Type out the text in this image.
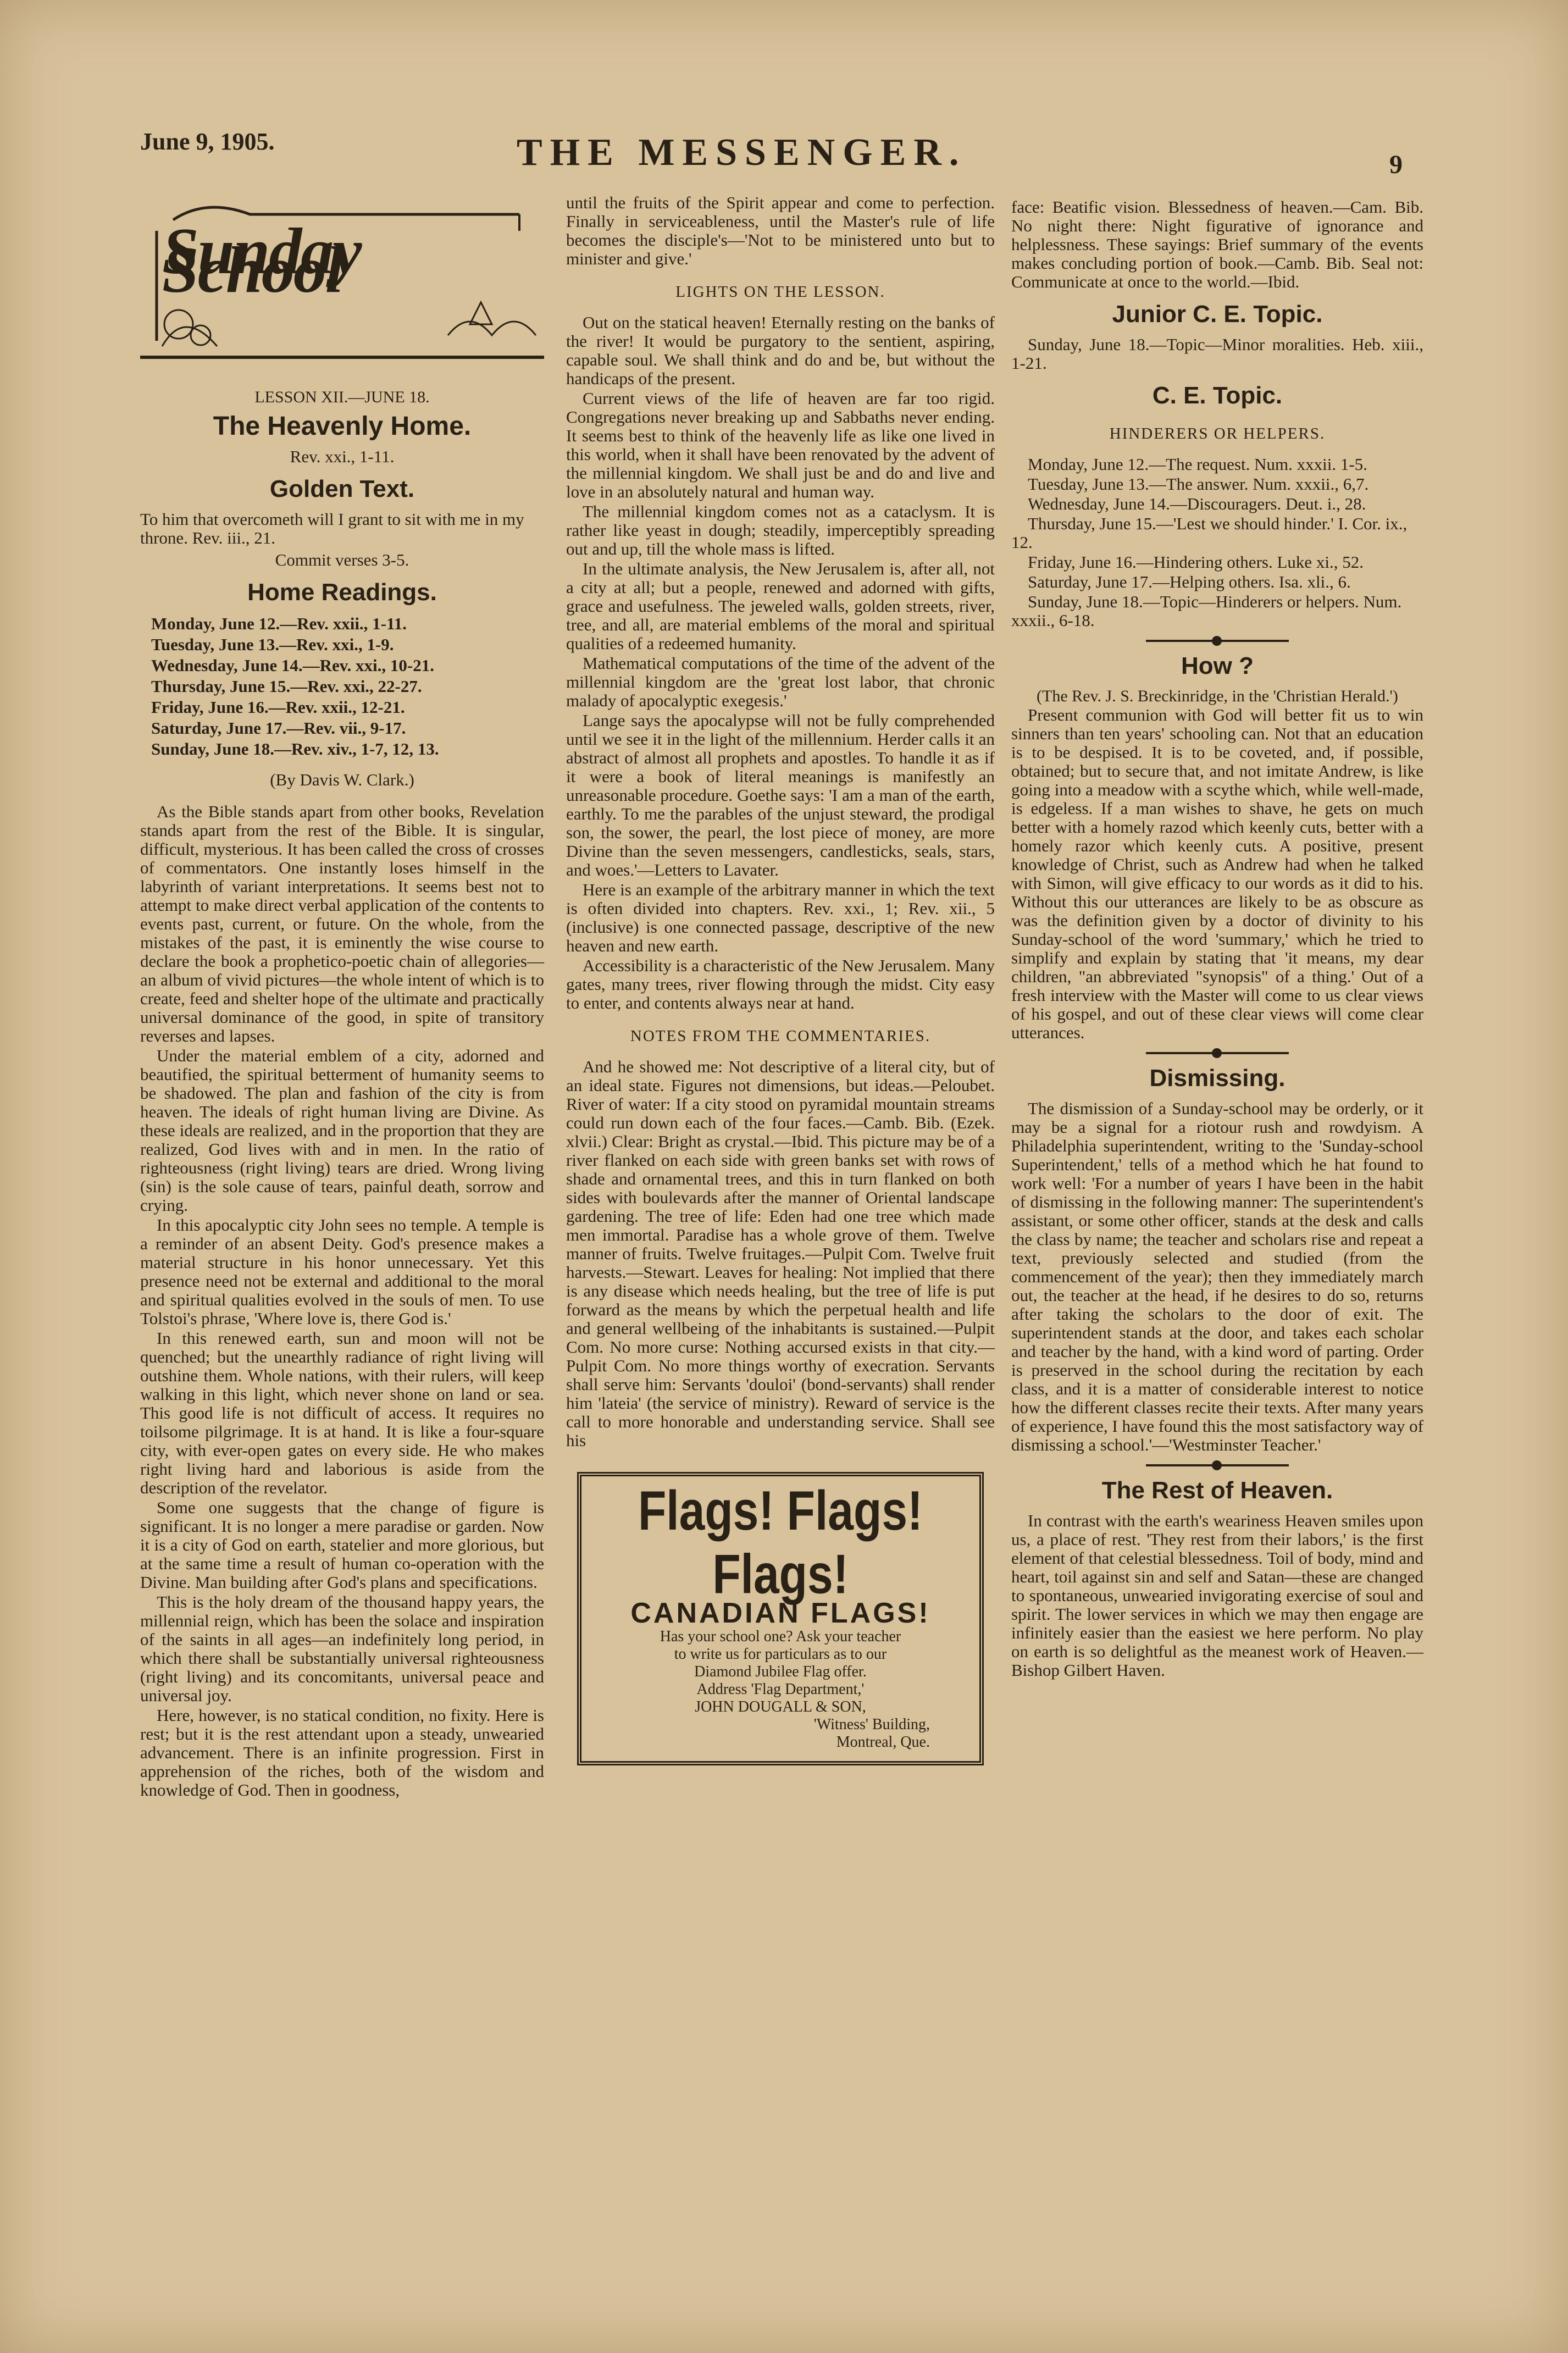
June 9, 1905.	THE MESSENGER.	9
Sunday School
LESSON XII.—JUNE 18.
The Heavenly Home.
Rev. xxi., 1-11.
Golden Text.

To him that overcometh will I grant to sit with me in my throne. Rev. iii., 21.

Commit verses 3-5.
Home Readings.
Monday, June 12.—Rev. xxii., 1-11.
Tuesday, June 13.—Rev. xxi., 1-9.
Wednesday, June 14.—Rev. xxi., 10-21.
Thursday, June 15.—Rev. xxi., 22-27.
Friday, June 16.—Rev. xxii., 12-21.
Saturday, June 17.—Rev. vii., 9-17.
Sunday, June 18.—Rev. xiv., 1-7, 12, 13.
(By Davis W. Clark.)

As the Bible stands apart from other books, Revelation stands apart from the rest of the Bible. It is singular, difficult, mysterious. It has been called the cross of crosses of commentators. One instantly loses himself in the labyrinth of variant interpretations. It seems best not to attempt to make direct verbal application of the contents to events past, current, or future. On the whole, from the mistakes of the past, it is eminently the wise course to declare the book a prophetico-poetic chain of allegories—an album of vivid pictures—the whole intent of which is to create, feed and shelter hope of the ultimate and practically universal dominance of the good, in spite of transitory reverses and lapses.

Under the material emblem of a city, adorned and beautified, the spiritual betterment of humanity seems to be shadowed. The plan and fashion of the city is from heaven. The ideals of right human living are Divine. As these ideals are realized, and in the proportion that they are realized, God lives with and in men. In the ratio of righteousness (right living) tears are dried. Wrong living (sin) is the sole cause of tears, painful death, sorrow and crying.

In this apocalyptic city John sees no temple. A temple is a reminder of an absent Deity. God's presence makes a material structure in his honor unnecessary. Yet this presence need not be external and additional to the moral and spiritual qualities evolved in the souls of men. To use Tolstoi's phrase, 'Where love is, there God is.'

In this renewed earth, sun and moon will not be quenched; but the unearthly radiance of right living will outshine them. Whole nations, with their rulers, will keep walking in this light, which never shone on land or sea. This good life is not difficult of access. It requires no toilsome pilgrimage. It is at hand. It is like a four-square city, with ever-open gates on every side. He who makes right living hard and laborious is aside from the description of the revelator.

Some one suggests that the change of figure is significant. It is no longer a mere paradise or garden. Now it is a city of God on earth, statelier and more glorious, but at the same time a result of human co-operation with the Divine. Man building after God's plans and specifications.

This is the holy dream of the thousand happy years, the millennial reign, which has been the solace and inspiration of the saints in all ages—an indefinitely long period, in which there shall be substantially universal righteousness (right living) and its concomitants, universal peace and universal joy.

Here, however, is no statical condition, no fixity. Here is rest; but it is the rest attendant upon a steady, unwearied advancement. There is an infinite progression. First in apprehension of the riches, both of the wisdom and knowledge of God. Then in goodness,

until the fruits of the Spirit appear and come to perfection. Finally in serviceableness, until the Master's rule of life becomes the disciple's—'Not to be ministered unto but to minister and give.'

LIGHTS ON THE LESSON.

Out on the statical heaven! Eternally resting on the banks of the river! It would be purgatory to the sentient, aspiring, capable soul. We shall think and do and be, but without the handicaps of the present.

Current views of the life of heaven are far too rigid. Congregations never breaking up and Sabbaths never ending. It seems best to think of the heavenly life as like one lived in this world, when it shall have been renovated by the advent of the millennial kingdom. We shall just be and do and live and love in an absolutely natural and human way.

The millennial kingdom comes not as a cataclysm. It is rather like yeast in dough; steadily, imperceptibly spreading out and up, till the whole mass is lifted.

In the ultimate analysis, the New Jerusalem is, after all, not a city at all; but a people, renewed and adorned with gifts, grace and usefulness. The jeweled walls, golden streets, river, tree, and all, are material emblems of the moral and spiritual qualities of a redeemed humanity.

Mathematical computations of the time of the advent of the millennial kingdom are the 'great lost labor, that chronic malady of apocalyptic exegesis.'

Lange says the apocalypse will not be fully comprehended until we see it in the light of the millennium. Herder calls it an abstract of almost all prophets and apostles. To handle it as if it were a book of literal meanings is manifestly an unreasonable procedure. Goethe says: 'I am a man of the earth, earthly. To me the parables of the unjust steward, the prodigal son, the sower, the pearl, the lost piece of money, are more Divine than the seven messengers, candlesticks, seals, stars, and woes.'—Letters to Lavater.

Here is an example of the arbitrary manner in which the text is often divided into chapters. Rev. xxi., 1; Rev. xii., 5 (inclusive) is one connected passage, descriptive of the new heaven and new earth.

Accessibility is a characteristic of the New Jerusalem. Many gates, many trees, river flowing through the midst. City easy to enter, and contents always near at hand.

NOTES FROM THE COMMENTARIES.

And he showed me: Not descriptive of a literal city, but of an ideal state. Figures not dimensions, but ideas.—Peloubet. River of water: If a city stood on pyramidal mountain streams could run down each of the four faces.—Camb. Bib. (Ezek. xlvii.) Clear: Bright as crystal.—Ibid. This picture may be of a river flanked on each side with green banks set with rows of shade and ornamental trees, and this in turn flanked on both sides with boulevards after the manner of Oriental landscape gardening. The tree of life: Eden had one tree which made men immortal. Paradise has a whole grove of them. Twelve manner of fruits. Twelve fruitages.—Pulpit Com. Twelve fruit harvests.—Stewart. Leaves for healing: Not implied that there is any disease which needs healing, but the tree of life is put forward as the means by which the perpetual health and life and general wellbeing of the inhabitants is sustained.—Pulpit Com. No more curse: Nothing accursed exists in that city.—Pulpit Com. No more things worthy of execration. Servants shall serve him: Servants 'douloi' (bond-servants) shall render him 'lateia' (the service of ministry). Reward of service is the call to more honorable and understanding service. Shall see his

Flags! Flags! Flags!
CANADIAN FLAGS!
Has your school one? Ask your teacher
to write us for particulars as to our
Diamond Jubilee Flag offer.
Address 'Flag Department,'
JOHN DOUGALL & SON,
'Witness' Building,
Montreal, Que.

face: Beatific vision. Blessedness of heaven.—Cam. Bib. No night there: Night figurative of ignorance and helplessness. These sayings: Brief summary of the events makes concluding portion of book.—Camb. Bib. Seal not: Communicate at once to the world.—Ibid.

Junior C. E. Topic.

Sunday, June 18.—Topic—Minor moralities. Heb. xiii., 1-21.

C. E. Topic.
HINDERERS OR HELPERS.

Monday, June 12.—The request. Num. xxxii. 1-5.

Tuesday, June 13.—The answer. Num. xxxii., 6,7.

Wednesday, June 14.—Discouragers. Deut. i., 28.

Thursday, June 15.—'Lest we should hinder.' I. Cor. ix., 12.

Friday, June 16.—Hindering others. Luke xi., 52.

Saturday, June 17.—Helping others. Isa. xli., 6.

Sunday, June 18.—Topic—Hinderers or helpers. Num. xxxii., 6-18.

How ?
(The Rev. J. S. Breckinridge, in the 'Christian Herald.')

Present communion with God will better fit us to win sinners than ten years' schooling can. Not that an education is to be despised. It is to be coveted, and, if possible, obtained; but to secure that, and not imitate Andrew, is like going into a meadow with a scythe which, while well-made, is edgeless. If a man wishes to shave, he gets on much better with a homely razod which keenly cuts, better with a homely razor which keenly cuts. A positive, present knowledge of Christ, such as Andrew had when he talked with Simon, will give efficacy to our words as it did to his. Without this our utterances are likely to be as obscure as was the definition given by a doctor of divinity to his Sunday-school of the word 'summary,' which he tried to simplify and explain by stating that 'it means, my dear children, "an abbreviated "synopsis" of a thing.' Out of a fresh interview with the Master will come to us clear views of his gospel, and out of these clear views will come clear utterances.

Dismissing.

The dismission of a Sunday-school may be orderly, or it may be a signal for a riotour rush and rowdyism. A Philadelphia superintendent, writing to the 'Sunday-school Superintendent,' tells of a method which he hat found to work well: 'For a number of years I have been in the habit of dismissing in the following manner: The superintendent's assistant, or some other officer, stands at the desk and calls the class by name; the teacher and scholars rise and repeat a text, previously selected and studied (from the commencement of the year); then they immediately march out, the teacher at the head, if he desires to do so, returns after taking the scholars to the door of exit. The superintendent stands at the door, and takes each scholar and teacher by the hand, with a kind word of parting. Order is preserved in the school during the recitation by each class, and it is a matter of considerable interest to notice how the different classes recite their texts. After many years of experience, I have found this the most satisfactory way of dismissing a school.'—'Westminster Teacher.'

The Rest of Heaven.

In contrast with the earth's weariness Heaven smiles upon us, a place of rest. 'They rest from their labors,' is the first element of that celestial blessedness. Toil of body, mind and heart, toil against sin and self and Satan—these are changed to spontaneous, unwearied invigorating exercise of soul and spirit. The lower services in which we may then engage are infinitely easier than the easiest we here perform. No play on earth is so delightful as the meanest work of Heaven.—Bishop Gilbert Haven.
